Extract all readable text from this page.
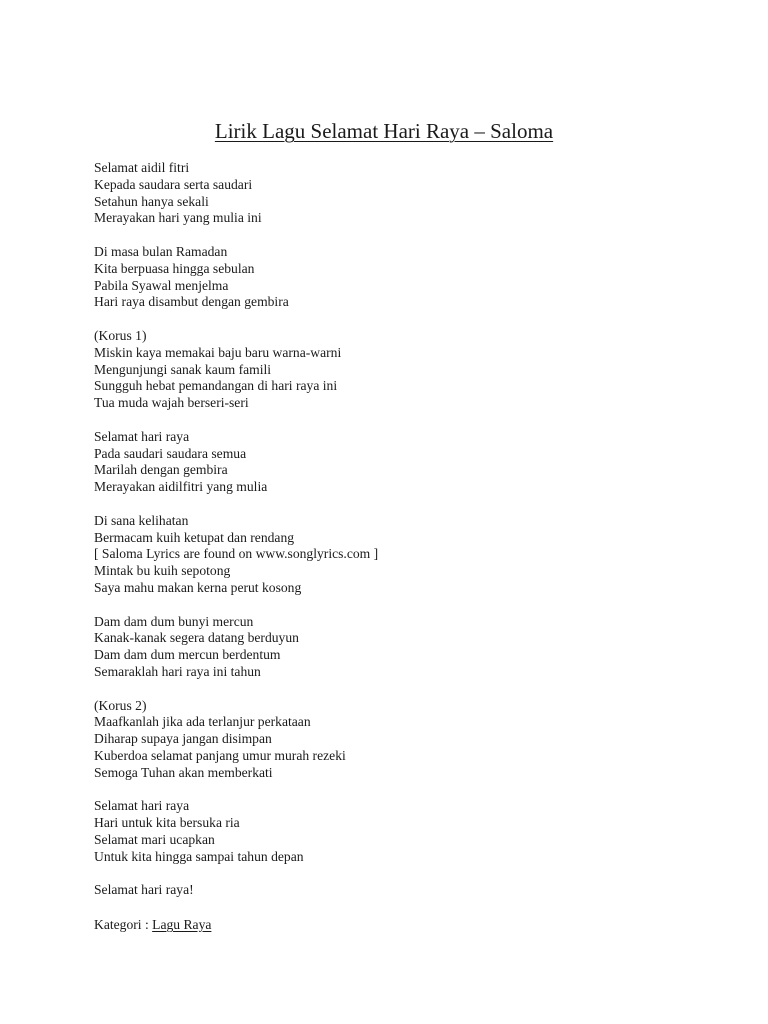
Lirik Lagu Selamat Hari Raya – Saloma
Selamat aidil fitri
Kepada saudara serta saudari
Setahun hanya sekali
Merayakan hari yang mulia ini
Di masa bulan Ramadan
Kita berpuasa hingga sebulan
Pabila Syawal menjelma
Hari raya disambut dengan gembira
(Korus 1)
Miskin kaya memakai baju baru warna-warni
Mengunjungi sanak kaum famili
Sungguh hebat pemandangan di hari raya ini
Tua muda wajah berseri-seri
Selamat hari raya
Pada saudari saudara semua
Marilah dengan gembira
Merayakan aidilfitri yang mulia
Di sana kelihatan
Bermacam kuih ketupat dan rendang
[ Saloma Lyrics are found on www.songlyrics.com ]
Mintak bu kuih sepotong
Saya mahu makan kerna perut kosong
Dam dam dum bunyi mercun
Kanak-kanak segera datang berduyun
Dam dam dum mercun berdentum
Semaraklah hari raya ini tahun
(Korus 2)
Maafkanlah jika ada terlanjur perkataan
Diharap supaya jangan disimpan
Kuberdoa selamat panjang umur murah rezeki
Semoga Tuhan akan memberkati
Selamat hari raya
Hari untuk kita bersuka ria
Selamat mari ucapkan
Untuk kita hingga sampai tahun depan
Selamat hari raya!
Kategori : Lagu Raya
